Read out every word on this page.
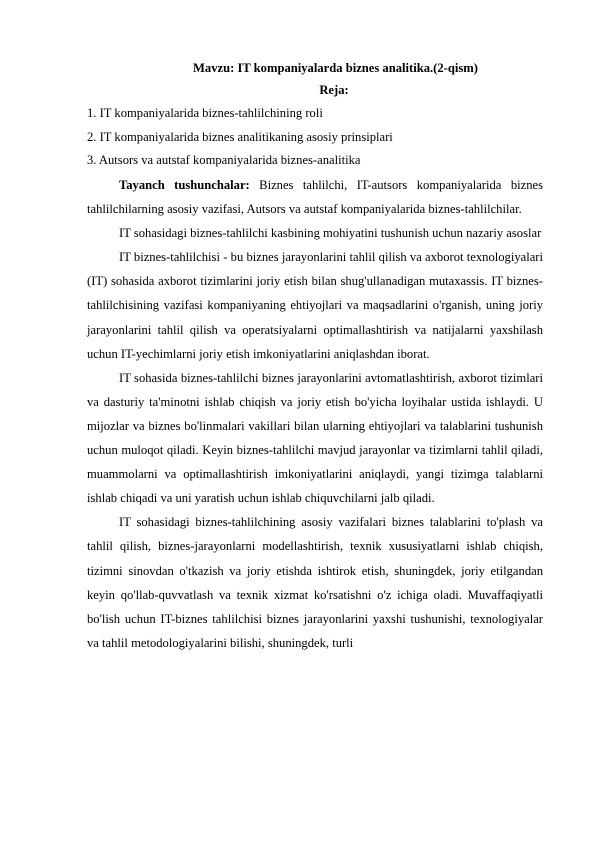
Mavzu: IT kompaniyalarda biznes analitika.(2-qism)
Reja:
1. IT kompaniyalarida biznes-tahlilchining roli
2. IT kompaniyalarida biznes analitikaning asosiy prinsiplari
3. Autsors va autstaf kompaniyalarida biznes-analitika

Tayanch tushunchalar: Biznes tahlilchi, IT-autsors kompaniyalarida biznes tahlilchilarning asosiy vazifasi, Autsors va autstaf kompaniyalarida biznes-tahlilchilar.

IT sohasidagi biznes-tahlilchi kasbining mohiyatini tushunish uchun nazariy asoslar

IT biznes-tahlilchisi - bu biznes jarayonlarini tahlil qilish va axborot texnologiyalari (IT) sohasida axborot tizimlarini joriy etish bilan shug'ullanadigan mutaxassis. IT biznes-tahlilchisining vazifasi kompaniyaning ehtiyojlari va maqsadlarini o'rganish, uning joriy jarayonlarini tahlil qilish va operatsiyalarni optimallashtirish va natijalarni yaxshilash uchun IT-yechimlarni joriy etish imkoniyatlarini aniqlashdan iborat.

IT sohasida biznes-tahlilchi biznes jarayonlarini avtomatlashtirish, axborot tizimlari va dasturiy ta'minotni ishlab chiqish va joriy etish bo'yicha loyihalar ustida ishlaydi. U mijozlar va biznes bo'linmalari vakillari bilan ularning ehtiyojlari va talablarini tushunish uchun muloqot qiladi. Keyin biznes-tahlilchi mavjud jarayonlar va tizimlarni tahlil qiladi, muammolarni va optimallashtirish imkoniyatlarini aniqlaydi, yangi tizimga talablarni ishlab chiqadi va uni yaratish uchun ishlab chiquvchilarni jalb qiladi.

IT sohasidagi biznes-tahlilchining asosiy vazifalari biznes talablarini to'plash va tahlil qilish, biznes-jarayonlarni modellashtirish, texnik xususiyatlarni ishlab chiqish, tizimni sinovdan o'tkazish va joriy etishda ishtirok etish, shuningdek, joriy etilgandan keyin qo'llab-quvvatlash va texnik xizmat ko'rsatishni o'z ichiga oladi. Muvaffaqiyatli bo'lish uchun IT-biznes tahlilchisi biznes jarayonlarini yaxshi tushunishi, texnologiyalar va tahlil metodologiyalarini bilishi, shuningdek, turli
